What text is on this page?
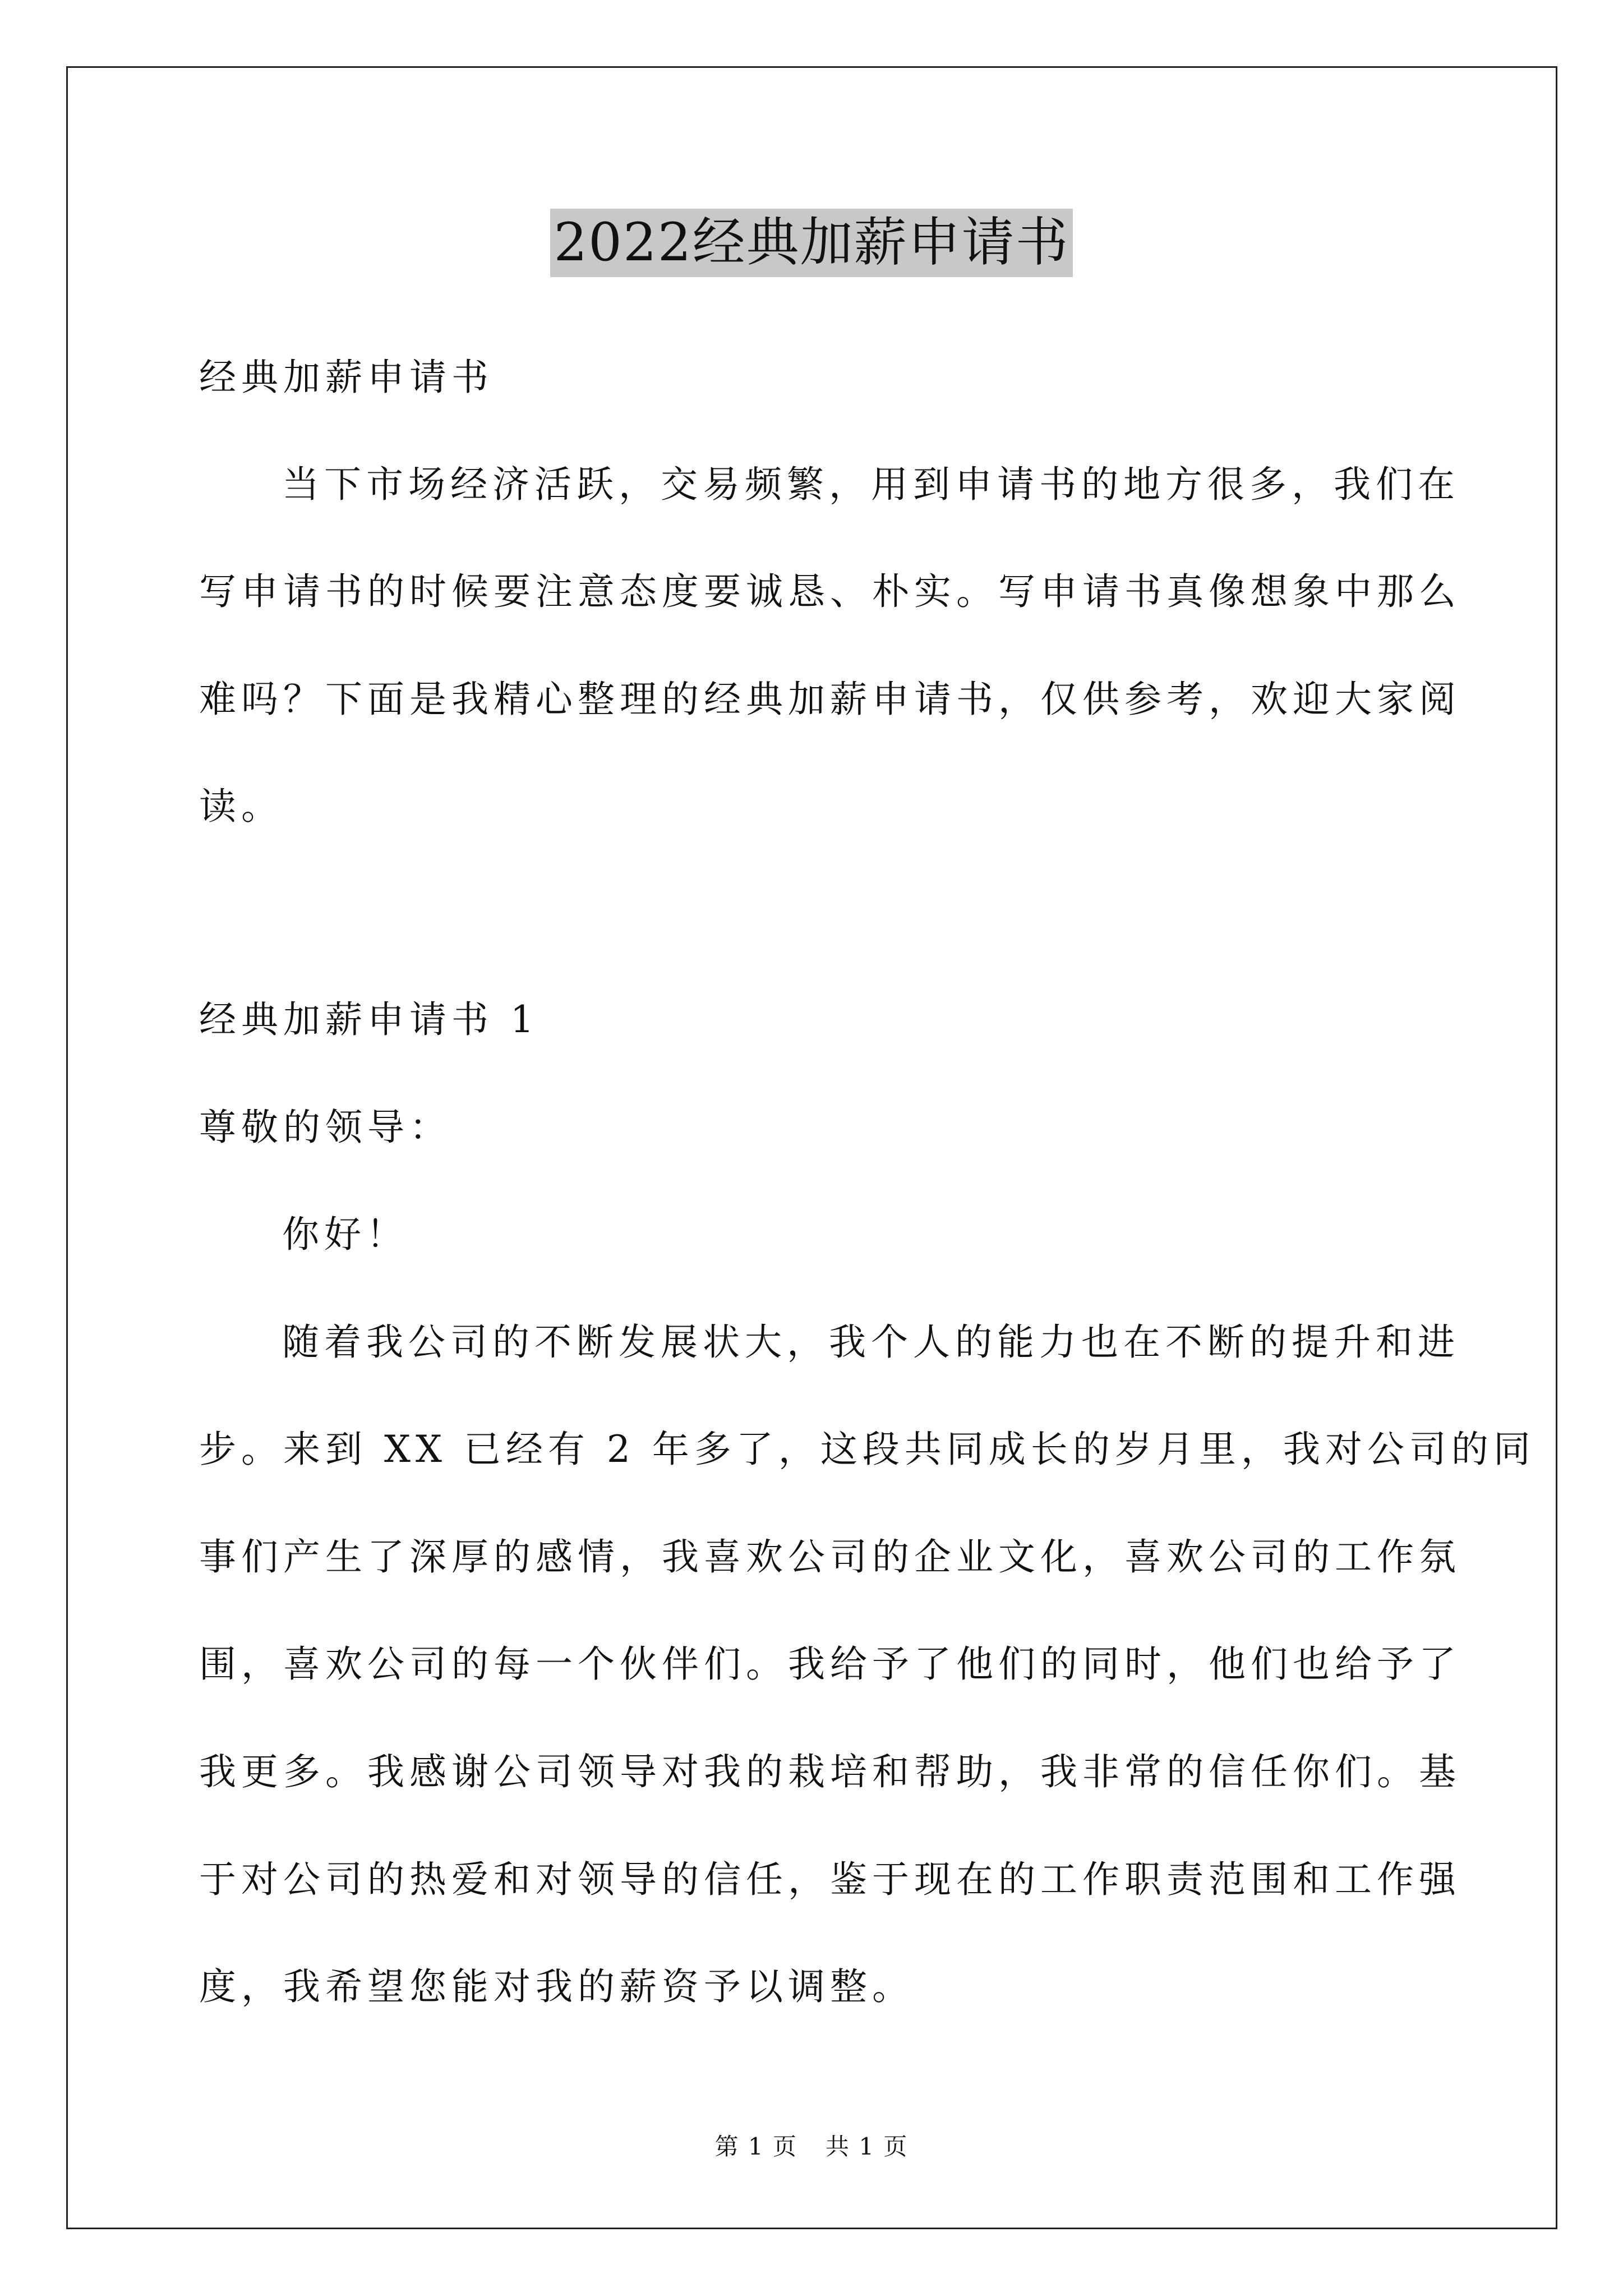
2022经典加薪申请书
经典加薪申请书
当下市场经济活跃，交易频繁，用到申请书的地方很多，我们在
写申请书的时候要注意态度要诚恳、朴实。写申请书真像想象中那么
难吗？下面是我精心整理的经典加薪申请书，仅供参考，欢迎大家阅
读。
经典加薪申请书 1
尊敬的领导：
你好！
随着我公司的不断发展状大，我个人的能力也在不断的提升和进
步。来到 XX 已经有 2 年多了，这段共同成长的岁月里，我对公司的同
事们产生了深厚的感情，我喜欢公司的企业文化，喜欢公司的工作氛
围，喜欢公司的每一个伙伴们。我给予了他们的同时，他们也给予了
我更多。我感谢公司领导对我的栽培和帮助，我非常的信任你们。基
于对公司的热爱和对领导的信任，鉴于现在的工作职责范围和工作强
度，我希望您能对我的薪资予以调整。
第 1 页 共 1 页
